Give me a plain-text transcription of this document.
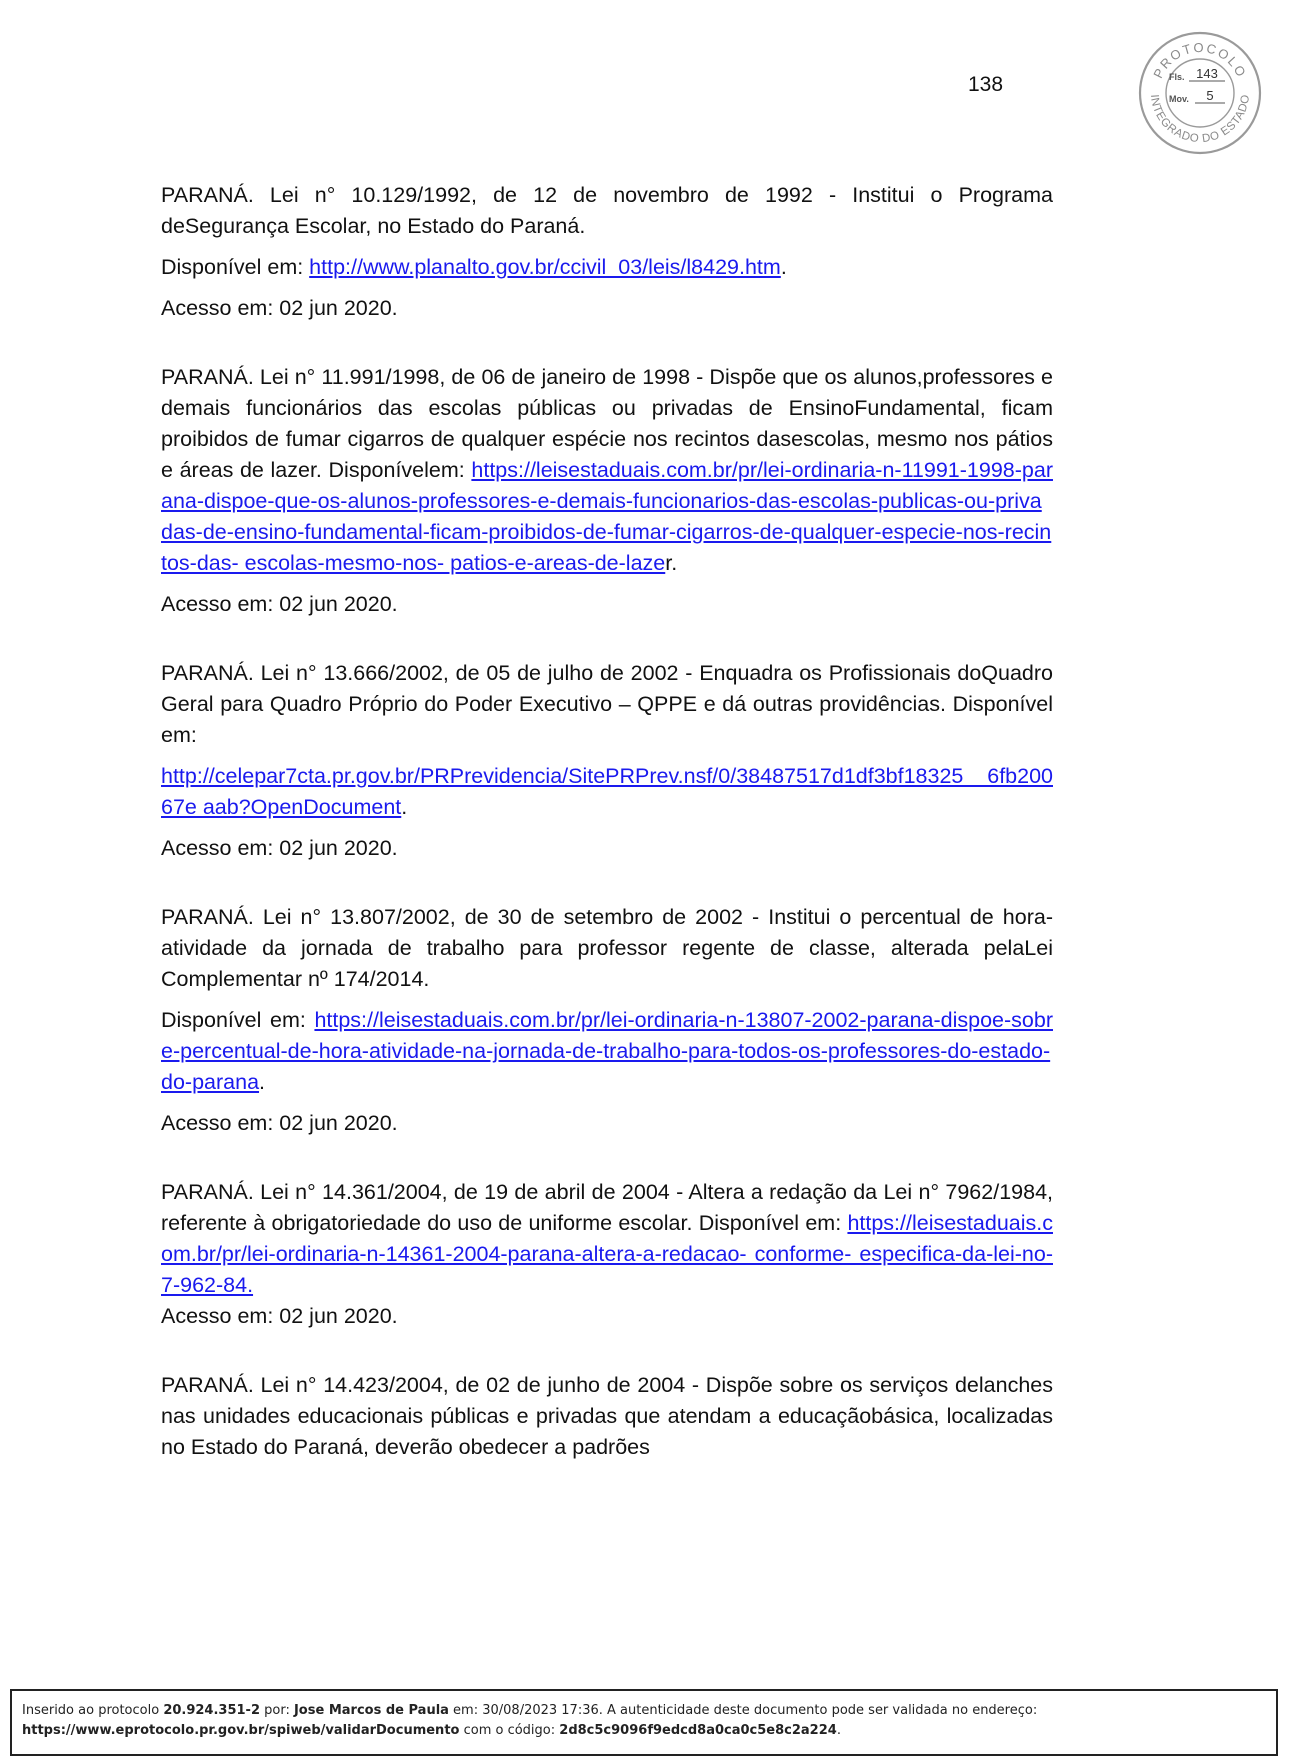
138
PROTOCOLO
INTEGRADO DO ESTADO
Fls. 143
Mov. 5

PARANÁ. Lei n° 10.129/1992, de 12 de novembro de 1992 - Institui o Programa deSegurança Escolar, no Estado do Paraná.

Disponível em: http://www.planalto.gov.br/ccivil_03/leis/l8429.htm.

Acesso em: 02 jun 2020.

PARANÁ. Lei n° 11.991/1998, de 06 de janeiro de 1998 - Dispõe que os alunos,professores e demais funcionários das escolas públicas ou privadas de EnsinoFundamental, ficam proibidos de fumar cigarros de qualquer espécie nos recintos dasescolas, mesmo nos pátios e áreas de lazer. Disponívelem: https://leisestaduais.com.br/pr/lei-ordinaria-n-11991-1998-parana-dispoe-que-os-alunos-professores-e-demais-funcionarios-das-escolas-publicas-ou-privadas-de-ensino-fundamental-ficam-proibidos-de-fumar-cigarros-de-qualquer-especie-nos-recintos-das- escolas-mesmo-nos- patios-e-areas-de-lazer.

Acesso em: 02 jun 2020.

PARANÁ. Lei n° 13.666/2002, de 05 de julho de 2002 - Enquadra os Profissionais doQuadro Geral para Quadro Próprio do Poder Executivo – QPPE e dá outras providências. Disponível em:

http://celepar7cta.pr.gov.br/PRPrevidencia/SitePRPrev.nsf/0/38487517d1df3bf18325 6fb200 67e aab?OpenDocument.

Acesso em: 02 jun 2020.

PARANÁ. Lei n° 13.807/2002, de 30 de setembro de 2002 - Institui o percentual de hora-atividade da jornada de trabalho para professor regente de classe, alterada pelaLei Complementar nº 174/2014.

Disponível em: https://leisestaduais.com.br/pr/lei-ordinaria-n-13807-2002-parana-dispoe-sobre-percentual-de-hora-atividade-na-jornada-de-trabalho-para-todos-os-professores-do-estado-do-parana.

Acesso em: 02 jun 2020.

PARANÁ. Lei n° 14.361/2004, de 19 de abril de 2004 - Altera a redação da Lei n° 7962/1984, referente à obrigatoriedade do uso de uniforme escolar. Disponível em: https://leisestaduais.com.br/pr/lei-ordinaria-n-14361-2004-parana-altera-a-redacao- conforme- especifica-da-lei-no-7-962-84.

Acesso em: 02 jun 2020.

PARANÁ. Lei n° 14.423/2004, de 02 de junho de 2004 - Dispõe sobre os serviços delanches nas unidades educacionais públicas e privadas que atendam a educaçãobásica, localizadas no Estado do Paraná, deverão obedecer a padrões

Inserido ao protocolo 20.924.351-2 por: Jose Marcos de Paula em: 30/08/2023 17:36. A autenticidade deste documento pode ser validada no endereço:
https://www.eprotocolo.pr.gov.br/spiweb/validarDocumento com o código: 2d8c5c9096f9edcd8a0ca0c5e8c2a224.
